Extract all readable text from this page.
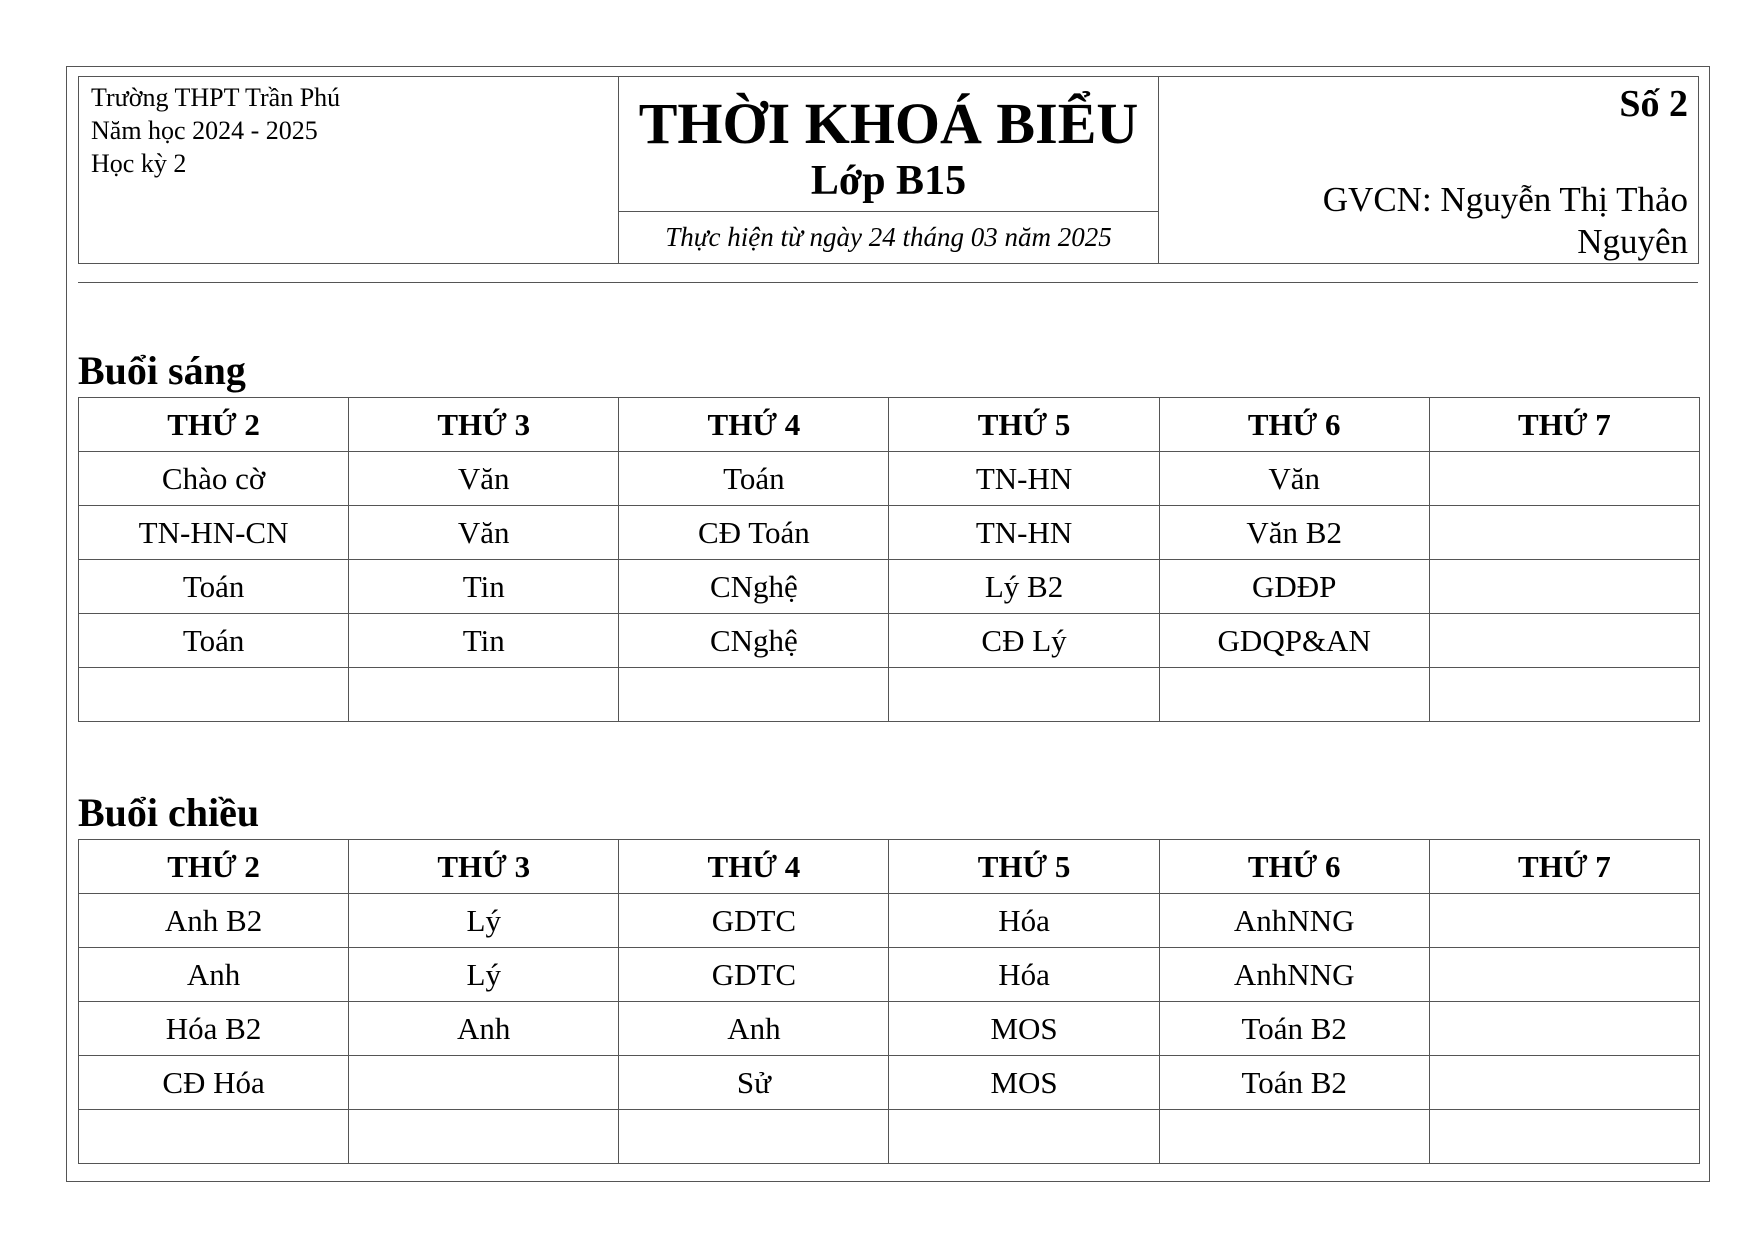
Trường THPT Trần Phú
Năm học 2024 - 2025
Học kỳ 2

THỜI KHOÁ BIỂU
Lớp B15
Thực hiện từ ngày 24 tháng 03 năm 2025

Số 2
GVCN: Nguyễn Thị Thảo Nguyên
Buổi sáng
THỨ 2	THỨ 3	THỨ 4	THỨ 5	THỨ 6	THỨ 7
Chào cờ	Văn	Toán	TN-HN	Văn	
TN-HN-CN	Văn	CĐ Toán	TN-HN	Văn B2	
Toán	Tin	CNghệ	Lý B2	GDĐP	
Toán	Tin	CNghệ	CĐ Lý	GDQP&AN	

Buổi chiều
THỨ 2	THỨ 3	THỨ 4	THỨ 5	THỨ 6	THỨ 7
Anh B2	Lý	GDTC	Hóa	AnhNNG	
Anh	Lý	GDTC	Hóa	AnhNNG	
Hóa B2	Anh	Anh	MOS	Toán B2	
CĐ Hóa		Sử	MOS	Toán B2	
